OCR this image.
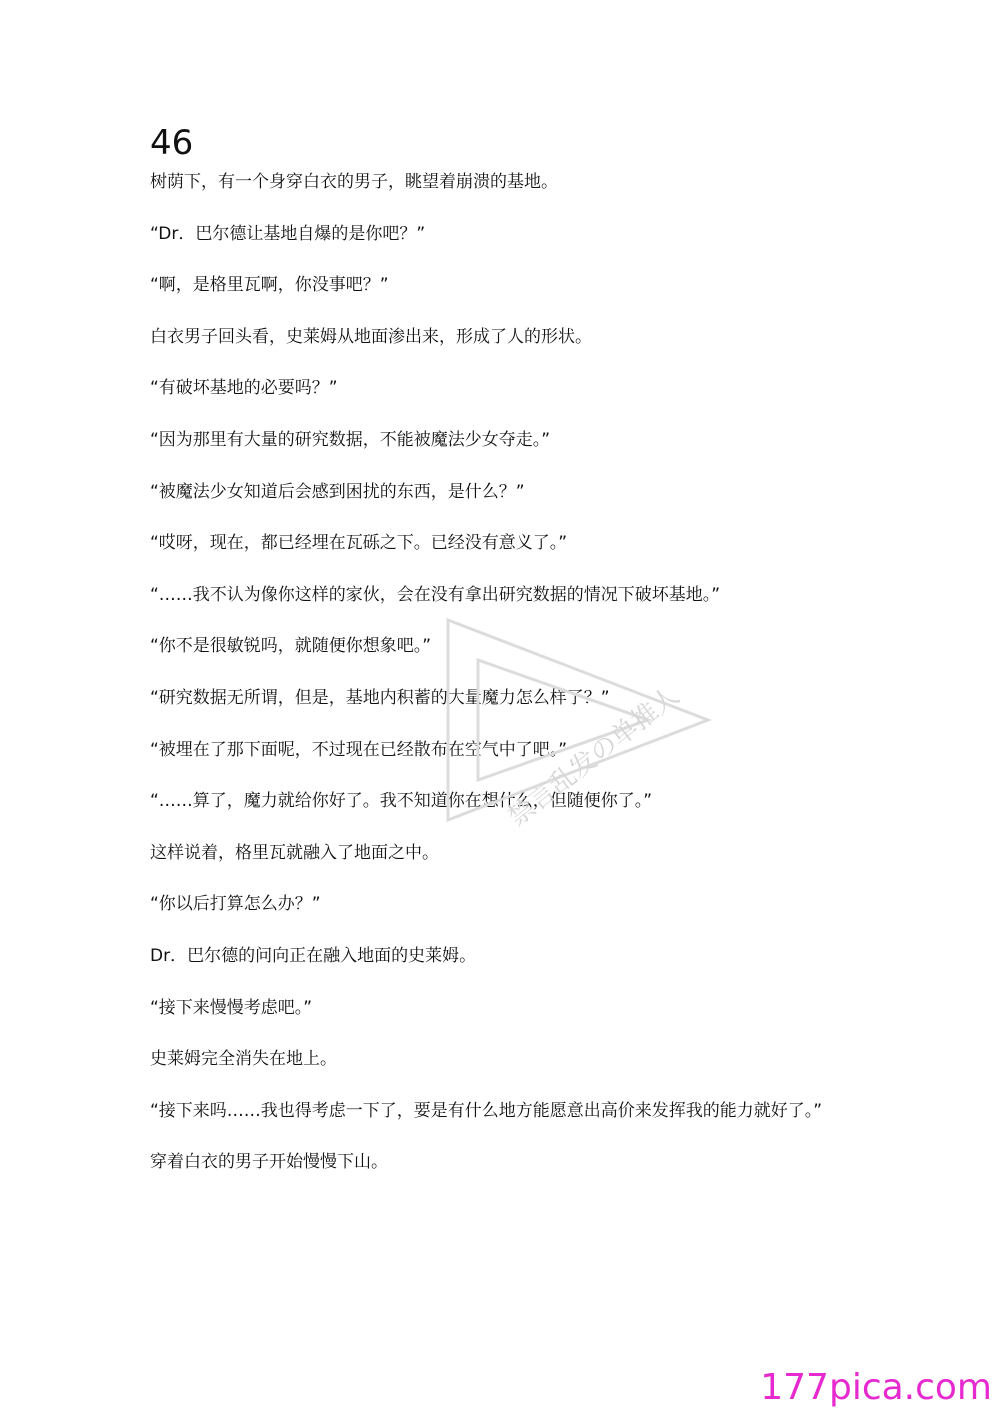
46

树荫下，有一个身穿白衣的男子，眺望着崩溃的基地。

“Dr．巴尔德让基地自爆的是你吧？”

“啊，是格里瓦啊，你没事吧？”

白衣男子回头看，史莱姆从地面渗出来，形成了人的形状。

“有破坏基地的必要吗？”

“因为那里有大量的研究数据，不能被魔法少女夺走。”

“被魔法少女知道后会感到困扰的东西，是什么？”

“哎呀，现在，都已经埋在瓦砾之下。已经没有意义了。”

“……我不认为像你这样的家伙，会在没有拿出研究数据的情况下破坏基地。”

“你不是很敏锐吗，就随便你想象吧。”

“研究数据无所谓，但是，基地内积蓄的大量魔力怎么样了？”

“被埋在了那下面呢，不过现在已经散布在空气中了吧。”

“……算了，魔力就给你好了。我不知道你在想什么，但随便你了。”

这样说着，格里瓦就融入了地面之中。

“你以后打算怎么办？”

Dr．巴尔德的问向正在融入地面的史莱姆。

“接下来慢慢考虑吧。”

史莱姆完全消失在地上。

“接下来吗……我也得考虑一下了，要是有什么地方能愿意出高价来发挥我的能力就好了。”

穿着白衣的男子开始慢慢下山。

禁言乱发の单推人
177pica.com
